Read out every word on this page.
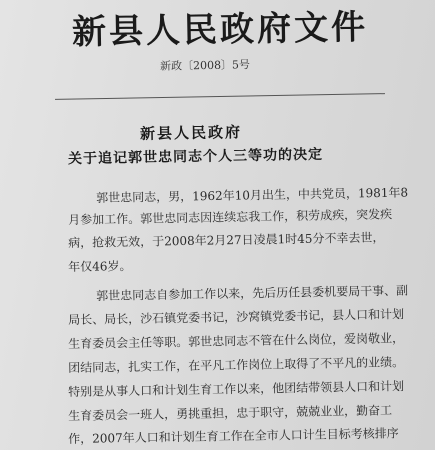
新县人民政府文件
新政〔2008〕5号
新县人民政府
关于追记郭世忠同志个人三等功的决定
郭世忠同志，男，1962年10月出生，中共党员，1981年8
月参加工作。郭世忠同志因连续忘我工作，积劳成疾，突发疾
病，抢救无效，于2008年2月27日凌晨1时45分不幸去世，
年仅46岁。
郭世忠同志自参加工作以来，先后历任县委机要局干事、副
局长、局长，沙石镇党委书记，沙窝镇党委书记，县人口和计划
生育委员会主任等职。郭世忠同志不管在什么岗位，爱岗敬业，
团结同志，扎实工作，在平凡工作岗位上取得了不平凡的业绩。
特别是从事人口和计划生育工作以来，他团结带领县人口和计划
生育委员会一班人，勇挑重担，忠于职守，兢兢业业，勤奋工
作，2007年人口和计划生育工作在全市人口计生目标考核排序
